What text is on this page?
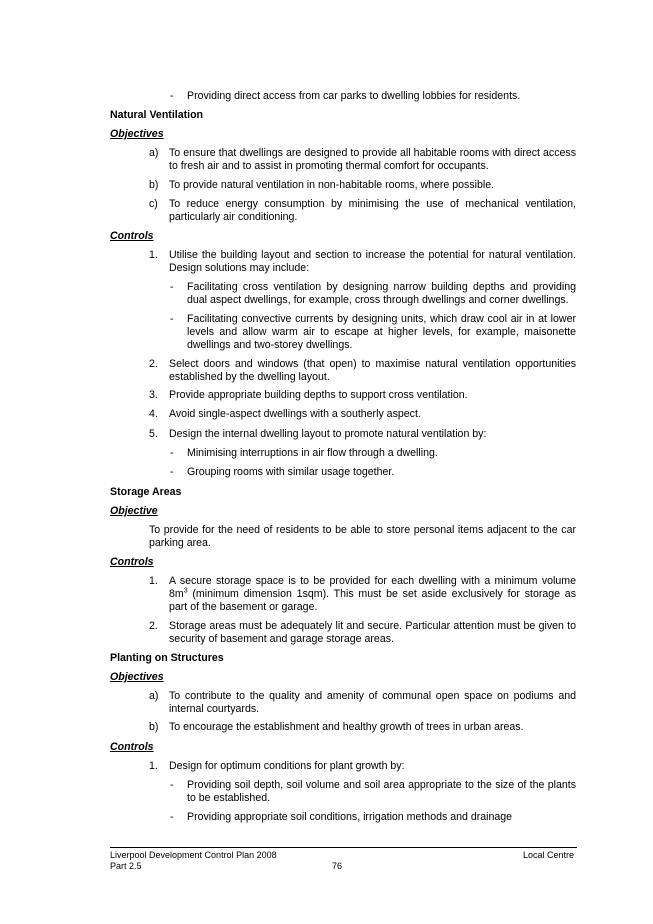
- Providing direct access from car parks to dwelling lobbies for residents.
Natural Ventilation
Objectives
a) To ensure that dwellings are designed to provide all habitable rooms with direct access to fresh air and to assist in promoting thermal comfort for occupants.
b) To provide natural ventilation in non-habitable rooms, where possible.
c) To reduce energy consumption by minimising the use of mechanical ventilation, particularly air conditioning.
Controls
1. Utilise the building layout and section to increase the potential for natural ventilation. Design solutions may include:
- Facilitating cross ventilation by designing narrow building depths and providing dual aspect dwellings, for example, cross through dwellings and corner dwellings.
- Facilitating convective currents by designing units, which draw cool air in at lower levels and allow warm air to escape at higher levels, for example, maisonette dwellings and two-storey dwellings.
2. Select doors and windows (that open) to maximise natural ventilation opportunities established by the dwelling layout.
3. Provide appropriate building depths to support cross ventilation.
4. Avoid single-aspect dwellings with a southerly aspect.
5. Design the internal dwelling layout to promote natural ventilation by:
- Minimising interruptions in air flow through a dwelling.
- Grouping rooms with similar usage together.
Storage Areas
Objective
To provide for the need of residents to be able to store personal items adjacent to the car parking area.
Controls
1. A secure storage space is to be provided for each dwelling with a minimum volume
$8m^3$ (minimum dimension 1sqm). This must be set aside exclusively for storage as
part of the basement or garage.
2. Storage areas must be adequately lit and secure. Particular attention must be given to security of basement and garage storage areas.
Planting on Structures
Objectives
a) To contribute to the quality and amenity of communal open space on podiums and internal courtyards.
b) To encourage the establishment and healthy growth of trees in urban areas.
Controls
1. Design for optimum conditions for plant growth by:
- Providing soil depth, soil volume and soil area appropriate to the size of the plants to be established.
- Providing appropriate soil conditions, irrigation methods and drainage
Liverpool Development Control Plan 2008
Part 2.5	76
Local Centre
